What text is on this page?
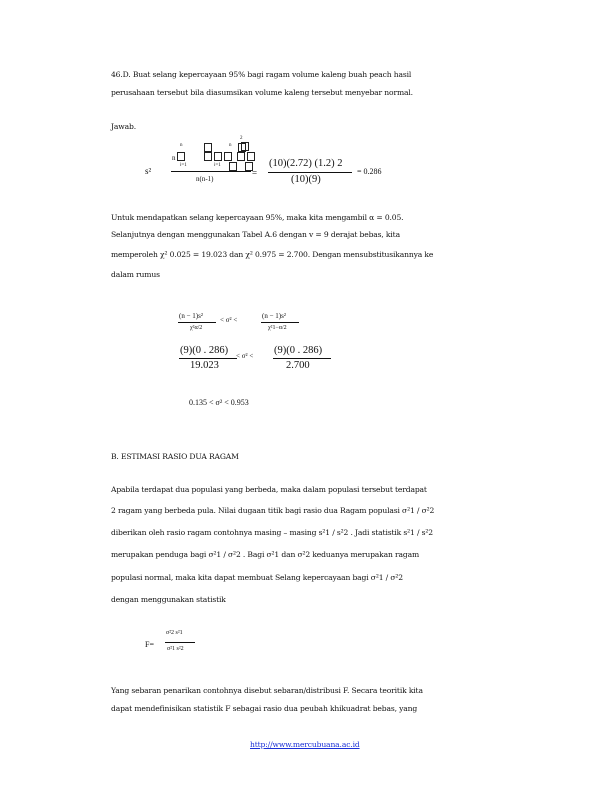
46.D. Buat selang kepercayaan 95% bagi ragam volume kaleng buah peach hasil
perusahaan tersebut bila diasumsikan volume kaleng tersebut menyebar normal.
Jawab.
s²
n	n
2
n
i=1	i=1
n(n-1)
=
(10)(2.72) (1.2) 2
(10)(9)
= 0.286
Untuk mendapatkan selang kepercayaan 95%, maka kita mengambil α = 0.05.
Selanjutnya dengan menggunakan Tabel A.6 dengan v = 9 derajat bebas, kita
memperoleh χ² 0.025 = 19.023 dan χ² 0.975 = 2.700. Dengan mensubstitusikannya ke
dalam rumus
(n − 1)s²
χ²α/2
< σ² <	(n − 1)s²
χ²1−α/2
(9)(0 . 286)
19.023
< σ² < (9)(0 . 286)
2.700
0.135 < σ² < 0.953
B. ESTIMASI RASIO DUA RAGAM
Apabila terdapat dua populasi yang berbeda, maka dalam populasi tersebut terdapat
2 ragam yang berbeda pula. Nilai dugaan titik bagi rasio dua Ragam populasi σ²1 / σ²2
diberikan oleh rasio ragam contohnya masing – masing s²1 / s²2 . Jadi statistik s²1 / s²2
merupakan penduga bagi σ²1 / σ²2 . Bagi σ²1 dan σ²2 keduanya merupakan ragam
populasi normal, maka kita dapat membuat Selang kepercayaan bagi σ²1 / σ²2
dengan menggunakan statistik
F=
σ²2 s²1
σ²1 s²2
Yang sebaran penarikan contohnya disebut sebaran/distribusi F. Secara teoritik kita
dapat mendefinisikan statistik F sebagai rasio dua peubah khikuadrat bebas, yang
http://www.mercubuana.ac.id
